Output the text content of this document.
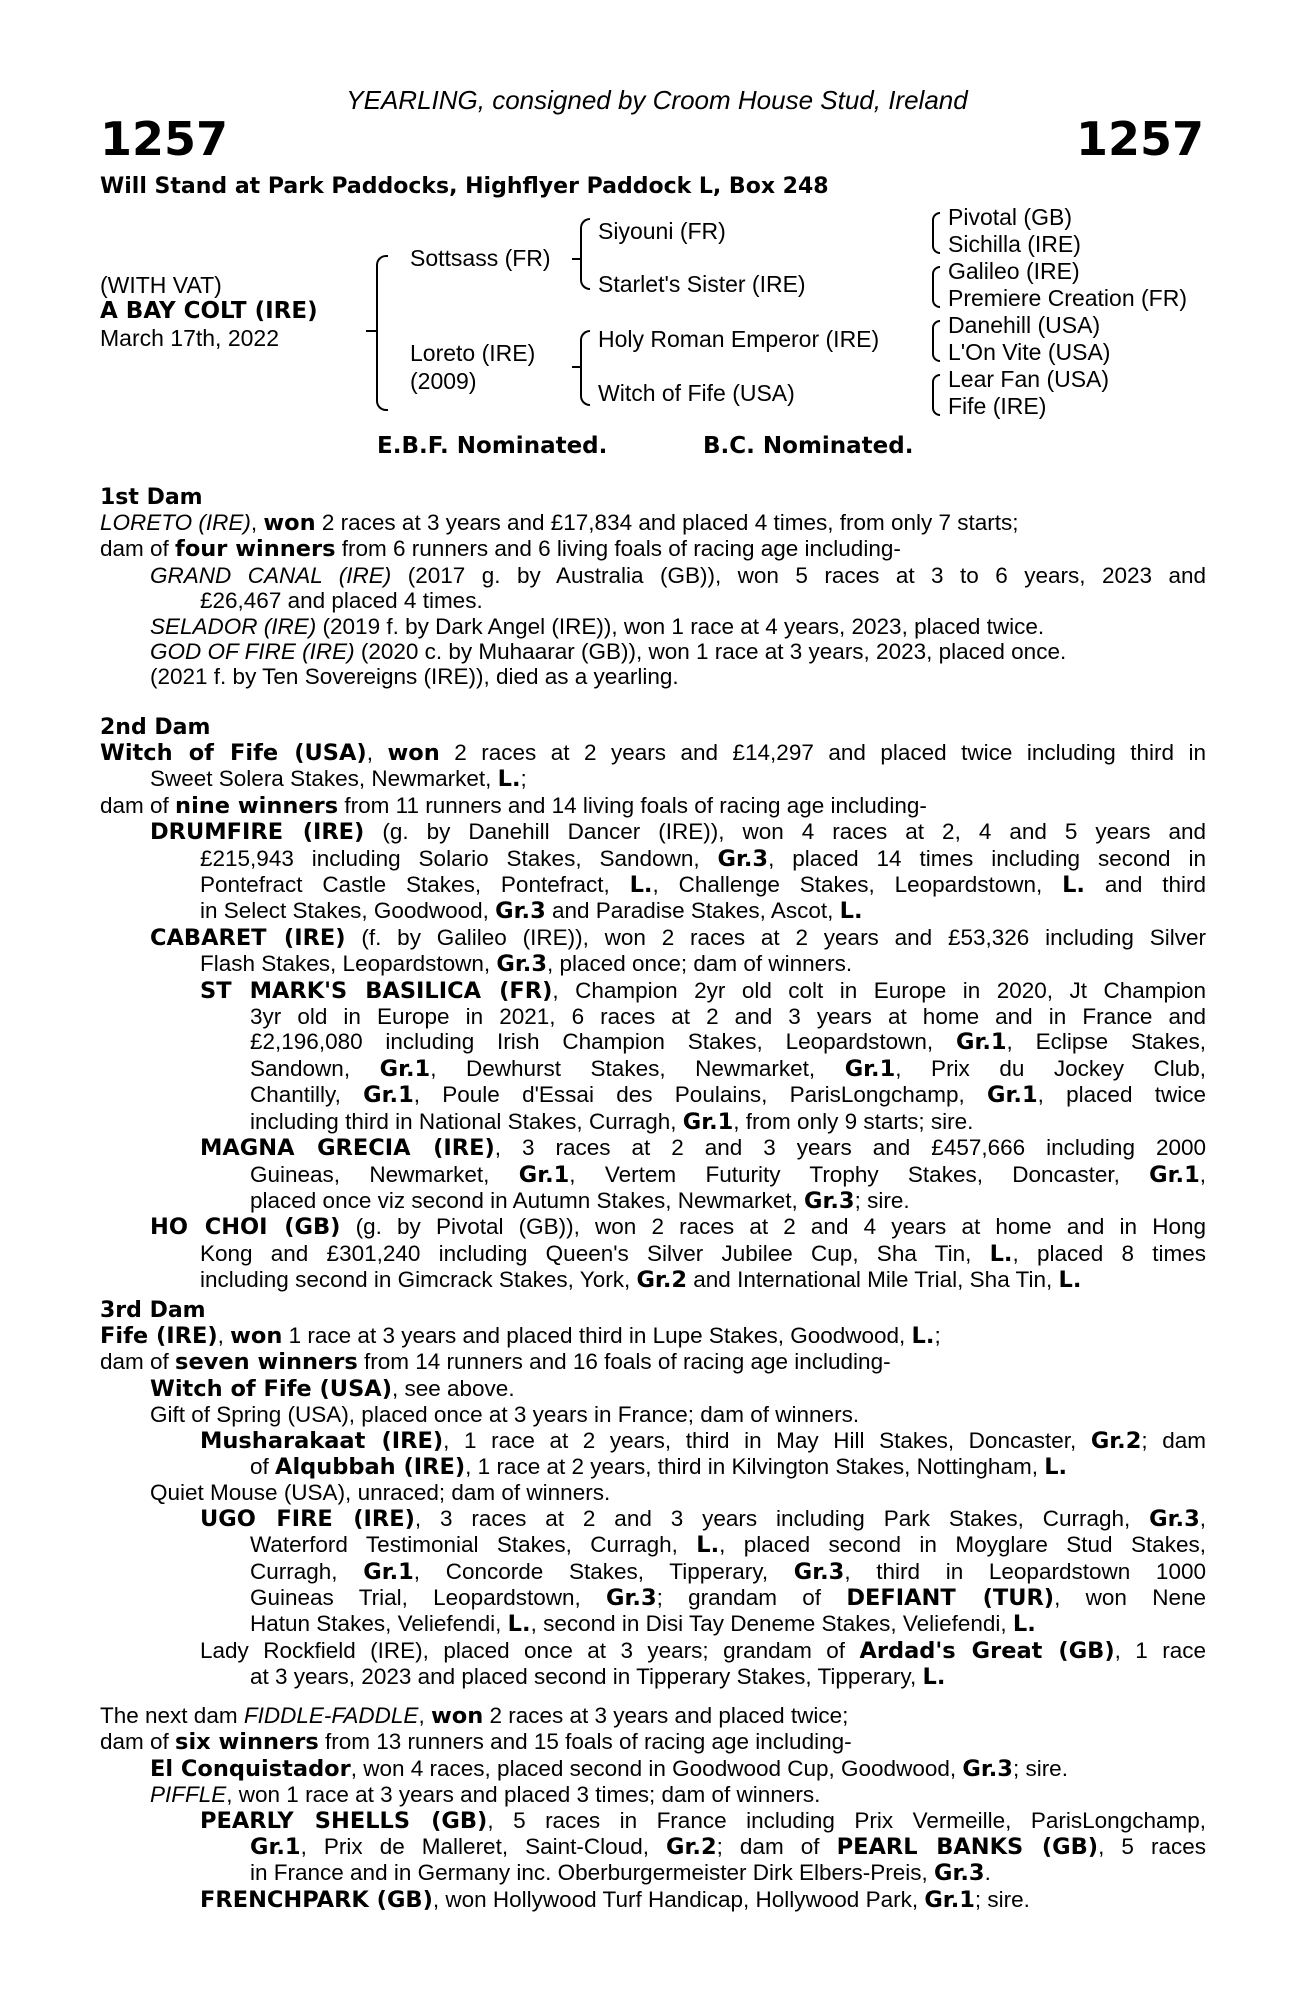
YEARLING, consigned by Croom House Stud, Ireland
1257	1257
Will Stand at Park Paddocks, Highflyer Paddock L, Box 248
(WITH VAT)
A BAY COLT (IRE)
March 17th, 2022
Sottsass (FR)
Loreto (IRE)
(2009)
Siyouni (FR)
Starlet's Sister (IRE)
Holy Roman Emperor (IRE)
Witch of Fife (USA)
Pivotal (GB)
Sichilla (IRE)
Galileo (IRE)
Premiere Creation (FR)
Danehill (USA)
L'On Vite (USA)
Lear Fan (USA)
Fife (IRE)
E.B.F. Nominated.	B.C. Nominated.
1st Dam
LORETO (IRE), won 2 races at 3 years and £17,834 and placed 4 times, from only 7 starts;
dam of four winners from 6 runners and 6 living foals of racing age including-
GRAND CANAL (IRE) (2017 g. by Australia (GB)), won 5 races at 3 to 6 years, 2023 and
£26,467 and placed 4 times.
SELADOR (IRE) (2019 f. by Dark Angel (IRE)), won 1 race at 4 years, 2023, placed twice.
GOD OF FIRE (IRE) (2020 c. by Muhaarar (GB)), won 1 race at 3 years, 2023, placed once.
(2021 f. by Ten Sovereigns (IRE)), died as a yearling.
2nd Dam
Witch of Fife (USA), won 2 races at 2 years and £14,297 and placed twice including third in
Sweet Solera Stakes, Newmarket, L.;
dam of nine winners from 11 runners and 14 living foals of racing age including-
DRUMFIRE (IRE) (g. by Danehill Dancer (IRE)), won 4 races at 2, 4 and 5 years and
£215,943 including Solario Stakes, Sandown, Gr.3, placed 14 times including second in
Pontefract Castle Stakes, Pontefract, L., Challenge Stakes, Leopardstown, L. and third
in Select Stakes, Goodwood, Gr.3 and Paradise Stakes, Ascot, L.
CABARET (IRE) (f. by Galileo (IRE)), won 2 races at 2 years and £53,326 including Silver
Flash Stakes, Leopardstown, Gr.3, placed once; dam of winners.
ST MARK'S BASILICA (FR), Champion 2yr old colt in Europe in 2020, Jt Champion
3yr old in Europe in 2021, 6 races at 2 and 3 years at home and in France and
£2,196,080 including Irish Champion Stakes, Leopardstown, Gr.1, Eclipse Stakes,
Sandown, Gr.1, Dewhurst Stakes, Newmarket, Gr.1, Prix du Jockey Club,
Chantilly, Gr.1, Poule d'Essai des Poulains, ParisLongchamp, Gr.1, placed twice
including third in National Stakes, Curragh, Gr.1, from only 9 starts; sire.
MAGNA GRECIA (IRE), 3 races at 2 and 3 years and £457,666 including 2000
Guineas, Newmarket, Gr.1, Vertem Futurity Trophy Stakes, Doncaster, Gr.1,
placed once viz second in Autumn Stakes, Newmarket, Gr.3; sire.
HO CHOI (GB) (g. by Pivotal (GB)), won 2 races at 2 and 4 years at home and in Hong
Kong and £301,240 including Queen's Silver Jubilee Cup, Sha Tin, L., placed 8 times
including second in Gimcrack Stakes, York, Gr.2 and International Mile Trial, Sha Tin, L.
3rd Dam
Fife (IRE), won 1 race at 3 years and placed third in Lupe Stakes, Goodwood, L.;
dam of seven winners from 14 runners and 16 foals of racing age including-
Witch of Fife (USA), see above.
Gift of Spring (USA), placed once at 3 years in France; dam of winners.
Musharakaat (IRE), 1 race at 2 years, third in May Hill Stakes, Doncaster, Gr.2; dam
of Alqubbah (IRE), 1 race at 2 years, third in Kilvington Stakes, Nottingham, L.
Quiet Mouse (USA), unraced; dam of winners.
UGO FIRE (IRE), 3 races at 2 and 3 years including Park Stakes, Curragh, Gr.3,
Waterford Testimonial Stakes, Curragh, L., placed second in Moyglare Stud Stakes,
Curragh, Gr.1, Concorde Stakes, Tipperary, Gr.3, third in Leopardstown 1000
Guineas Trial, Leopardstown, Gr.3; grandam of DEFIANT (TUR), won Nene
Hatun Stakes, Veliefendi, L., second in Disi Tay Deneme Stakes, Veliefendi, L.
Lady Rockfield (IRE), placed once at 3 years; grandam of Ardad's Great (GB), 1 race
at 3 years, 2023 and placed second in Tipperary Stakes, Tipperary, L.
The next dam FIDDLE-FADDLE, won 2 races at 3 years and placed twice;
dam of six winners from 13 runners and 15 foals of racing age including-
El Conquistador, won 4 races, placed second in Goodwood Cup, Goodwood, Gr.3; sire.
PIFFLE, won 1 race at 3 years and placed 3 times; dam of winners.
PEARLY SHELLS (GB), 5 races in France including Prix Vermeille, ParisLongchamp,
Gr.1, Prix de Malleret, Saint-Cloud, Gr.2; dam of PEARL BANKS (GB), 5 races
in France and in Germany inc. Oberburgermeister Dirk Elbers-Preis, Gr.3.
FRENCHPARK (GB), won Hollywood Turf Handicap, Hollywood Park, Gr.1; sire.
